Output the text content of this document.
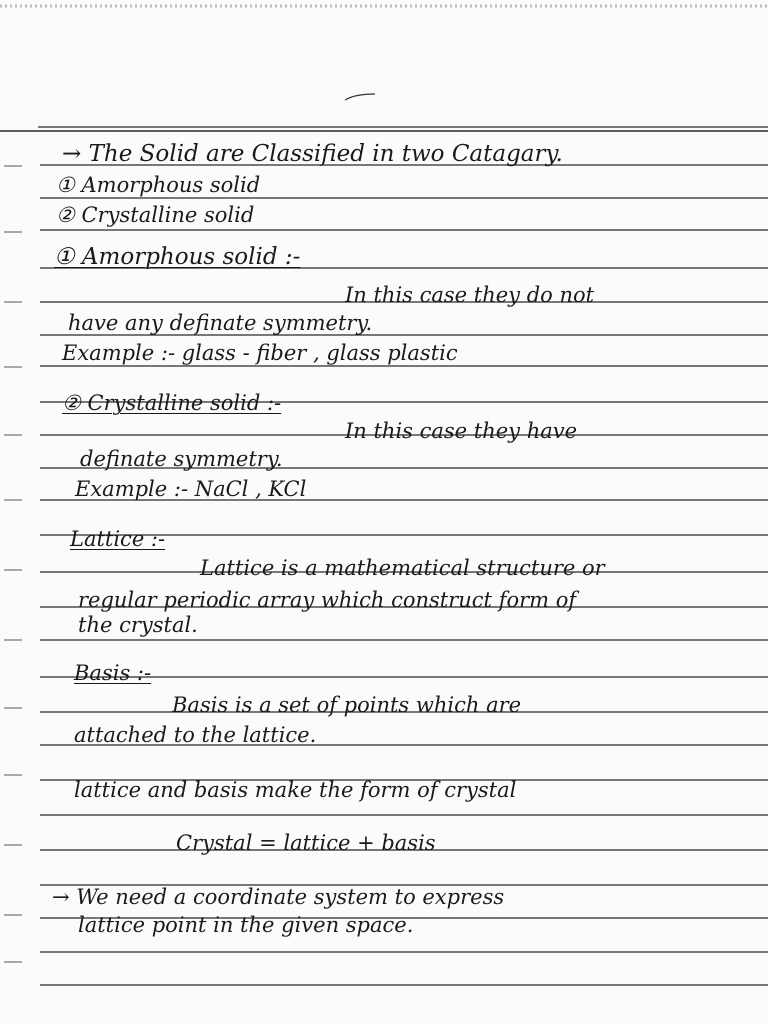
→ The Solid are Classified in two Catagary.
① Amorphous solid
② Crystalline solid
① Amorphous solid :-
In this case they do not
have any definate symmetry.
Example :- glass - fiber , glass plastic
② Crystalline solid :-
In this case they have
definate symmetry.
Example :- NaCl , KCl
Lattice :-
Lattice is a mathematical structure or
regular periodic array which construct form of
the crystal.
Basis :-
Basis is a set of points which are
attached to the lattice.
lattice and basis make the form of crystal
Crystal = lattice + basis
→ We need a coordinate system to express
lattice point in the given space.
